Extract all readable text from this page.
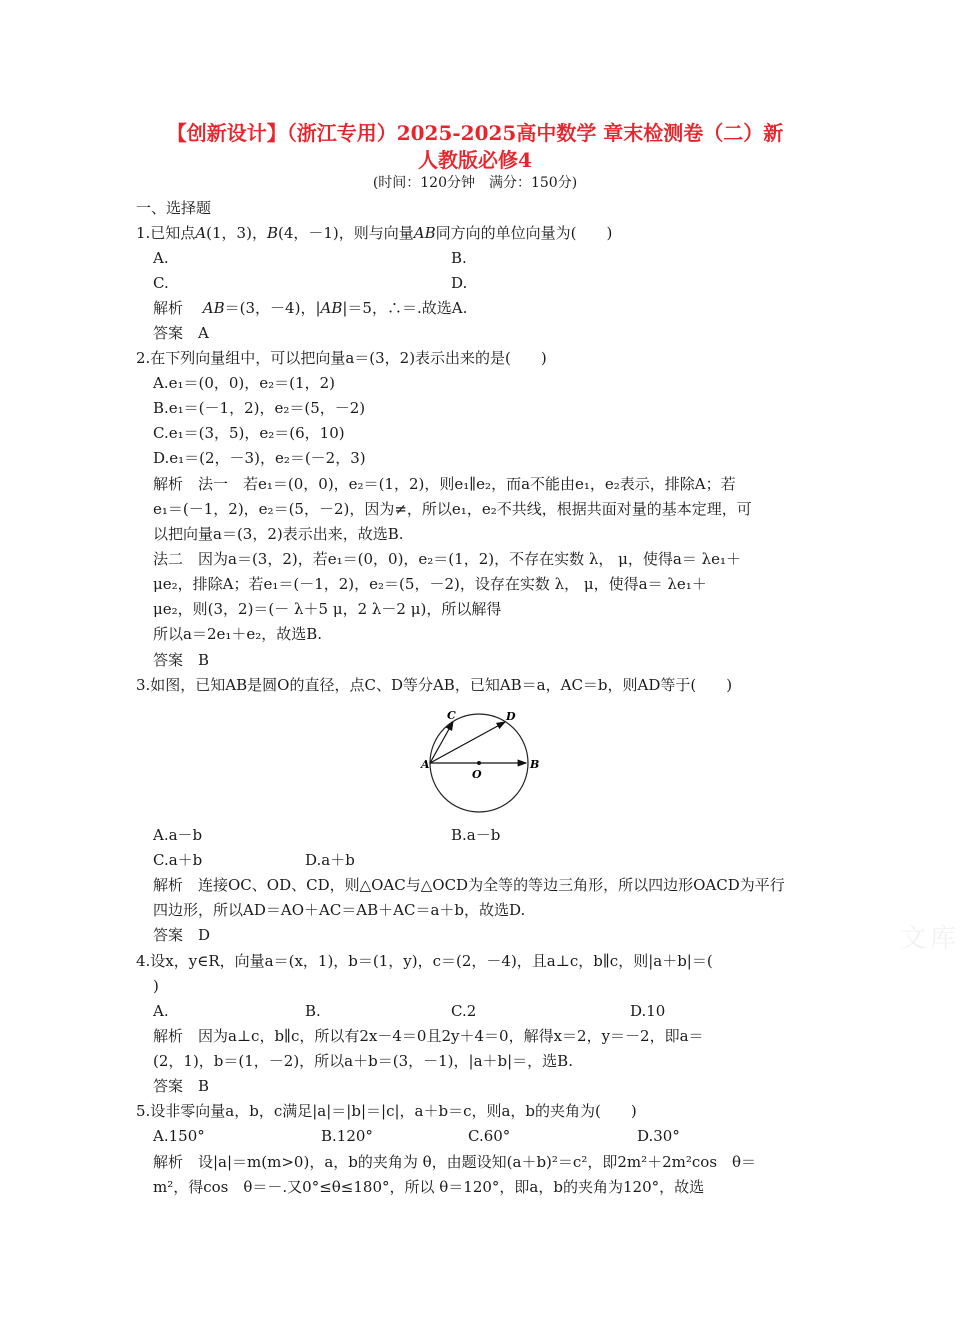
【创新设计】（浙江专用）2025-2025高中数学 章末检测卷（二）新
人教版必修4
(时间：120分钟　满分：150分)
一、选择题
1.已知点A(1，3)，B(4，－1)，则与向量AB同方向的单位向量为(　　)
A.	B.
C.	D.
解析　 AB＝(3，－4)，|AB|＝5，∴＝.故选A.
答案　 A
2.在下列向量组中，可以把向量a＝(3，2)表示出来的是(　　)
A.e₁＝(0，0)，e₂＝(1，2)
B.e₁＝(－1，2)，e₂＝(5，－2)
C.e₁＝(3，5)，e₂＝(6，10)
D.e₁＝(2，－3)，e₂＝(－2，3)
解析　法一　若e₁＝(0，0)，e₂＝(1，2)，则e₁∥e₂，而a不能由e₁，e₂表示，排除A；若
e₁＝(－1，2)，e₂＝(5，－2)，因为≠，所以e₁，e₂不共线，根据共面对量的基本定理，可
以把向量a＝(3，2)表示出来，故选B.
法二　因为a＝(3，2)，若e₁＝(0，0)，e₂＝(1，2)，不存在实数 λ， μ，使得a＝ λe₁＋
μe₂，排除A；若e₁＝(－1，2)，e₂＝(5，－2)，设存在实数 λ， μ，使得a＝ λe₁＋
μe₂，则(3，2)＝(－ λ＋5 μ，2 λ－2 μ)，所以解得
所以a＝2e₁＋e₂，故选B.
答案　 B
3.如图，已知AB是圆O的直径，点C、D等分AB，已知AB＝a，AC＝b，则AD等于(　　)
A	B
C	D
O
A.a－b	B.a－b
C.a＋b	D.a＋b
解析　连接OC、OD、CD，则△OAC与△OCD为全等的等边三角形，所以四边形OACD为平行
四边形，所以AD＝AO＋AC＝AB＋AC＝a＋b，故选D.
答案　 D
4.设x，y∈R，向量a＝(x，1)，b＝(1，y)，c＝(2，－4)，且a⊥c，b∥c，则|a＋b|＝(
)
A.	B.	C.2	D.10
解析　因为a⊥c，b∥c，所以有2x－4＝0且2y＋4＝0，解得x＝2，y＝－2，即a＝
(2，1)，b＝(1，－2)，所以a＋b＝(3，－1)，|a＋b|＝，选B.
答案　 B
5.设非零向量a，b，c满足|a|＝|b|＝|c|，a＋b＝c，则a，b的夹角为(　　)
A.150°	B.120°	C.60°	D.30°
解析　设|a|＝m(m>0)，a，b的夹角为 θ，由题设知(a＋b)²＝c²，即2m²＋2m²cos　θ＝
m²，得cos　θ＝－.又0°≤θ≤180°，所以 θ＝120°，即a，b的夹角为120°，故选
文库
